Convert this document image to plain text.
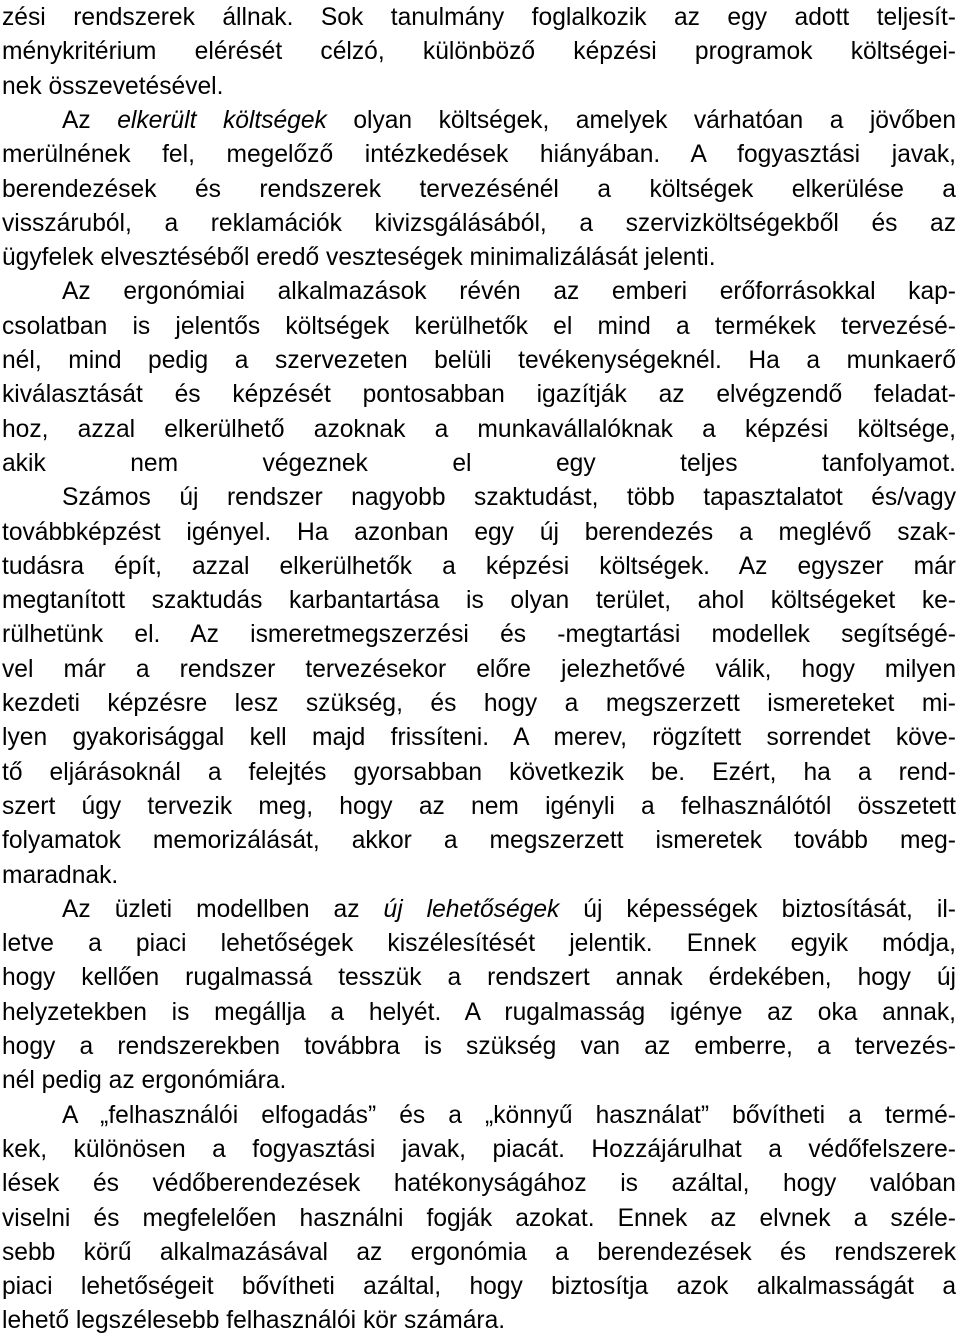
zési rendszerek állnak. Sok tanulmány foglalkozik az egy adott teljesít-
ménykritérium elérését célzó, különböző képzési programok költségei-
nek összevetésével.
Az elkerült költségek olyan költségek, amelyek várhatóan a jövőben
merülnének fel, megelőző intézkedések hiányában. A fogyasztási javak,
berendezések és rendszerek tervezésénél a költségek elkerülése a
visszáruból, a reklamációk kivizsgálásából, a szervizköltségekből és az
ügyfelek elvesztéséből eredő veszteségek minimalizálását jelenti.
Az ergonómiai alkalmazások révén az emberi erőforrásokkal kap-
csolatban is jelentős költségek kerülhetők el mind a termékek tervezésé-
nél, mind pedig a szervezeten belüli tevékenységeknél. Ha a munkaerő
kiválasztását és képzését pontosabban igazítják az elvégzendő feladat-
hoz, azzal elkerülhető azoknak a munkavállalóknak a képzési költsége,
akik nem végeznek el egy teljes tanfolyamot.
Számos új rendszer nagyobb szaktudást, több tapasztalatot és/vagy
továbbképzést igényel. Ha azonban egy új berendezés a meglévő szak-
tudásra épít, azzal elkerülhetők a képzési költségek. Az egyszer már
megtanított szaktudás karbantartása is olyan terület, ahol költségeket ke-
rülhetünk el. Az ismeretmegszerzési és -megtartási modellek segítségé-
vel már a rendszer tervezésekor előre jelezhetővé válik, hogy milyen
kezdeti képzésre lesz szükség, és hogy a megszerzett ismereteket mi-
lyen gyakorisággal kell majd frissíteni. A merev, rögzített sorrendet köve-
tő eljárásoknál a felejtés gyorsabban következik be. Ezért, ha a rend-
szert úgy tervezik meg, hogy az nem igényli a felhasználótól összetett
folyamatok memorizálását, akkor a megszerzett ismeretek tovább meg-
maradnak.
Az üzleti modellben az új lehetőségek új képességek biztosítását, il-
letve a piaci lehetőségek kiszélesítését jelentik. Ennek egyik módja,
hogy kellően rugalmassá tesszük a rendszert annak érdekében, hogy új
helyzetekben is megállja a helyét. A rugalmasság igénye az oka annak,
hogy a rendszerekben továbbra is szükség van az emberre, a tervezés-
nél pedig az ergonómiára.
A „felhasználói elfogadás” és a „könnyű használat” bővítheti a termé-
kek, különösen a fogyasztási javak, piacát. Hozzájárulhat a védőfelszere-
lések és védőberendezések hatékonyságához is azáltal, hogy valóban
viselni és megfelelően használni fogják azokat. Ennek az elvnek a széle-
sebb körű alkalmazásával az ergonómia a berendezések és rendszerek
piaci lehetőségeit bővítheti azáltal, hogy biztosítja azok alkalmasságát a
lehető legszélesebb felhasználói kör számára.
